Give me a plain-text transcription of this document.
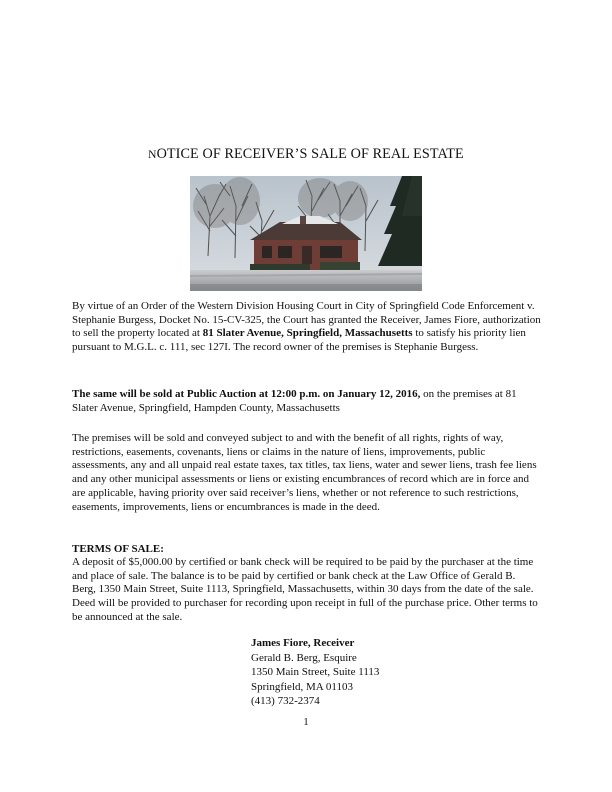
NOTICE OF RECEIVER’S SALE OF REAL ESTATE

By virtue of an Order of the Western Division Housing Court in City of Springfield Code Enforcement v. Stephanie Burgess, Docket No. 15-CV-325, the Court has granted the Receiver, James Fiore, authorization to sell the property located at 81 Slater Avenue, Springfield, Massachusetts to satisfy his priority lien pursuant to M.G.L. c. 111, sec 127I. The record owner of the premises is Stephanie Burgess.

The same will be sold at Public Auction at 12:00 p.m. on January 12, 2016, on the premises at 81 Slater Avenue, Springfield, Hampden County, Massachusetts

The premises will be sold and conveyed subject to and with the benefit of all rights, rights of way, restrictions, easements, covenants, liens or claims in the nature of liens, improvements, public assessments, any and all unpaid real estate taxes, tax titles, tax liens, water and sewer liens, trash fee liens and any other municipal assessments or liens or existing encumbrances of record which are in force and are applicable, having priority over said receiver’s liens, whether or not reference to such restrictions, easements, improvements, liens or encumbrances is made in the deed.

TERMS OF SALE:

A deposit of $5,000.00 by certified or bank check will be required to be paid by the purchaser at the time and place of sale. The balance is to be paid by certified or bank check at the Law Office of Gerald B. Berg, 1350 Main Street, Suite 1113, Springfield, Massachusetts, within 30 days from the date of the sale. Deed will be provided to purchaser for recording upon receipt in full of the purchase price. Other terms to be announced at the sale.

James Fiore, Receiver
Gerald B. Berg, Esquire
1350 Main Street, Suite 1113
Springfield, MA 01103
(413) 732-2374
1
